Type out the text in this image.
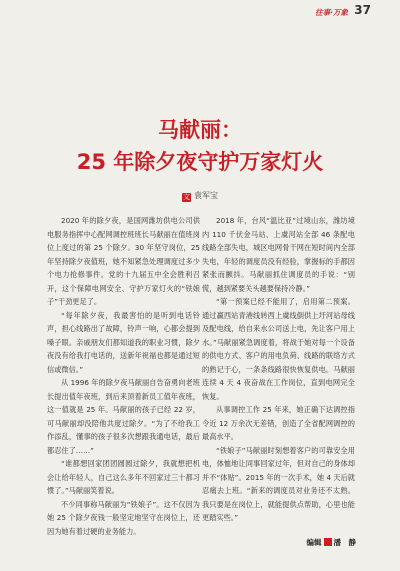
往事·万象 37
马献丽：
25 年除夕夜守护万家灯火
文 袁军宝

2020 年的除夕夜，是国网潍坊供电公司供电服务指挥中心配网调控班班长马献丽在值班岗位上度过的第 25 个除夕。30 年坚守岗位，25 年坚持除夕夜值班，她不知紧急处理调度过多少个电力抢修事件。党的十九届五中全会胜利召开，这个保障电网安全、守护万家灯火的“铁娘子”干劲更足了。

“每年除夕夜，我最害怕的是听到电话铃声，担心线路出了故障，铃声一响，心都会提到嗓子眼。亲戚朋友们都知道我的职业习惯，除夕夜没有给我打电话的，送新年祝福也都是通过短信或微信。”

从 1996 年的除夕夜马献丽自告奋勇向老班长提出值年夜班，到后来顶着新员工值年夜班，这一值就是 25 年。马献丽的孩子已经 22 岁，可马献丽却没陪他共度过除夕。“为了不给我工作添乱，懂事的孩子很多次想跟我通电话，最后都忍住了……”

“谁都想回家团团圆圆过除夕，我就想把机会让给年轻人，自己这么多年不回家过三十都习惯了。”马献丽笑着说。

不少同事称马献丽为“铁娘子”。这不仅因为她 25 个除夕夜钱一般坚定地坚守在岗位上，还因为她有着过硬的业务能力。

2018 年，台风“温比亚”过境山东，潍坊境内 110 千伏金马站、上虞河站全部 46 条配电线路全部失电，城区电网骨干网在短时间内全部失电，年轻的调度员没有经验，掌握标的手都因紧张而颤抖。马献丽抓住调度员的手说：“别慌，越到紧要关头越要保持冷静。”

“第一预案已经不能用了，启用第二预案。通过赢西站青港线转西上虞线倒供上圩河站母线及配电线，给自来水公司送上电，先让客户用上水。”马献丽紧急调度着，将战于她对每一个设备的供电方式、客户的用电负荷、线路的联络方式的熟记于心，一条条线路很快恢复供电。马献丽连续 4 天 4 夜奋战在工作岗位，直到电网完全恢复。

从事调控工作 25 年来，她正确下达调控指令近 12 万余次无差错，创造了全省配网调控的最高水平。

“铁娘子”马献丽时刻想着客户的可靠安全用电，体恤地让同事回家过年，但对自己的身体却并不“体贴”。2015 年的一次手术，她 4 天后就忍痛去上班。“新来的调度员对业务还不太熟。我只要是在岗位上，就能提供点帮助，心里也能更踏实些。”

编辑 潘　静
